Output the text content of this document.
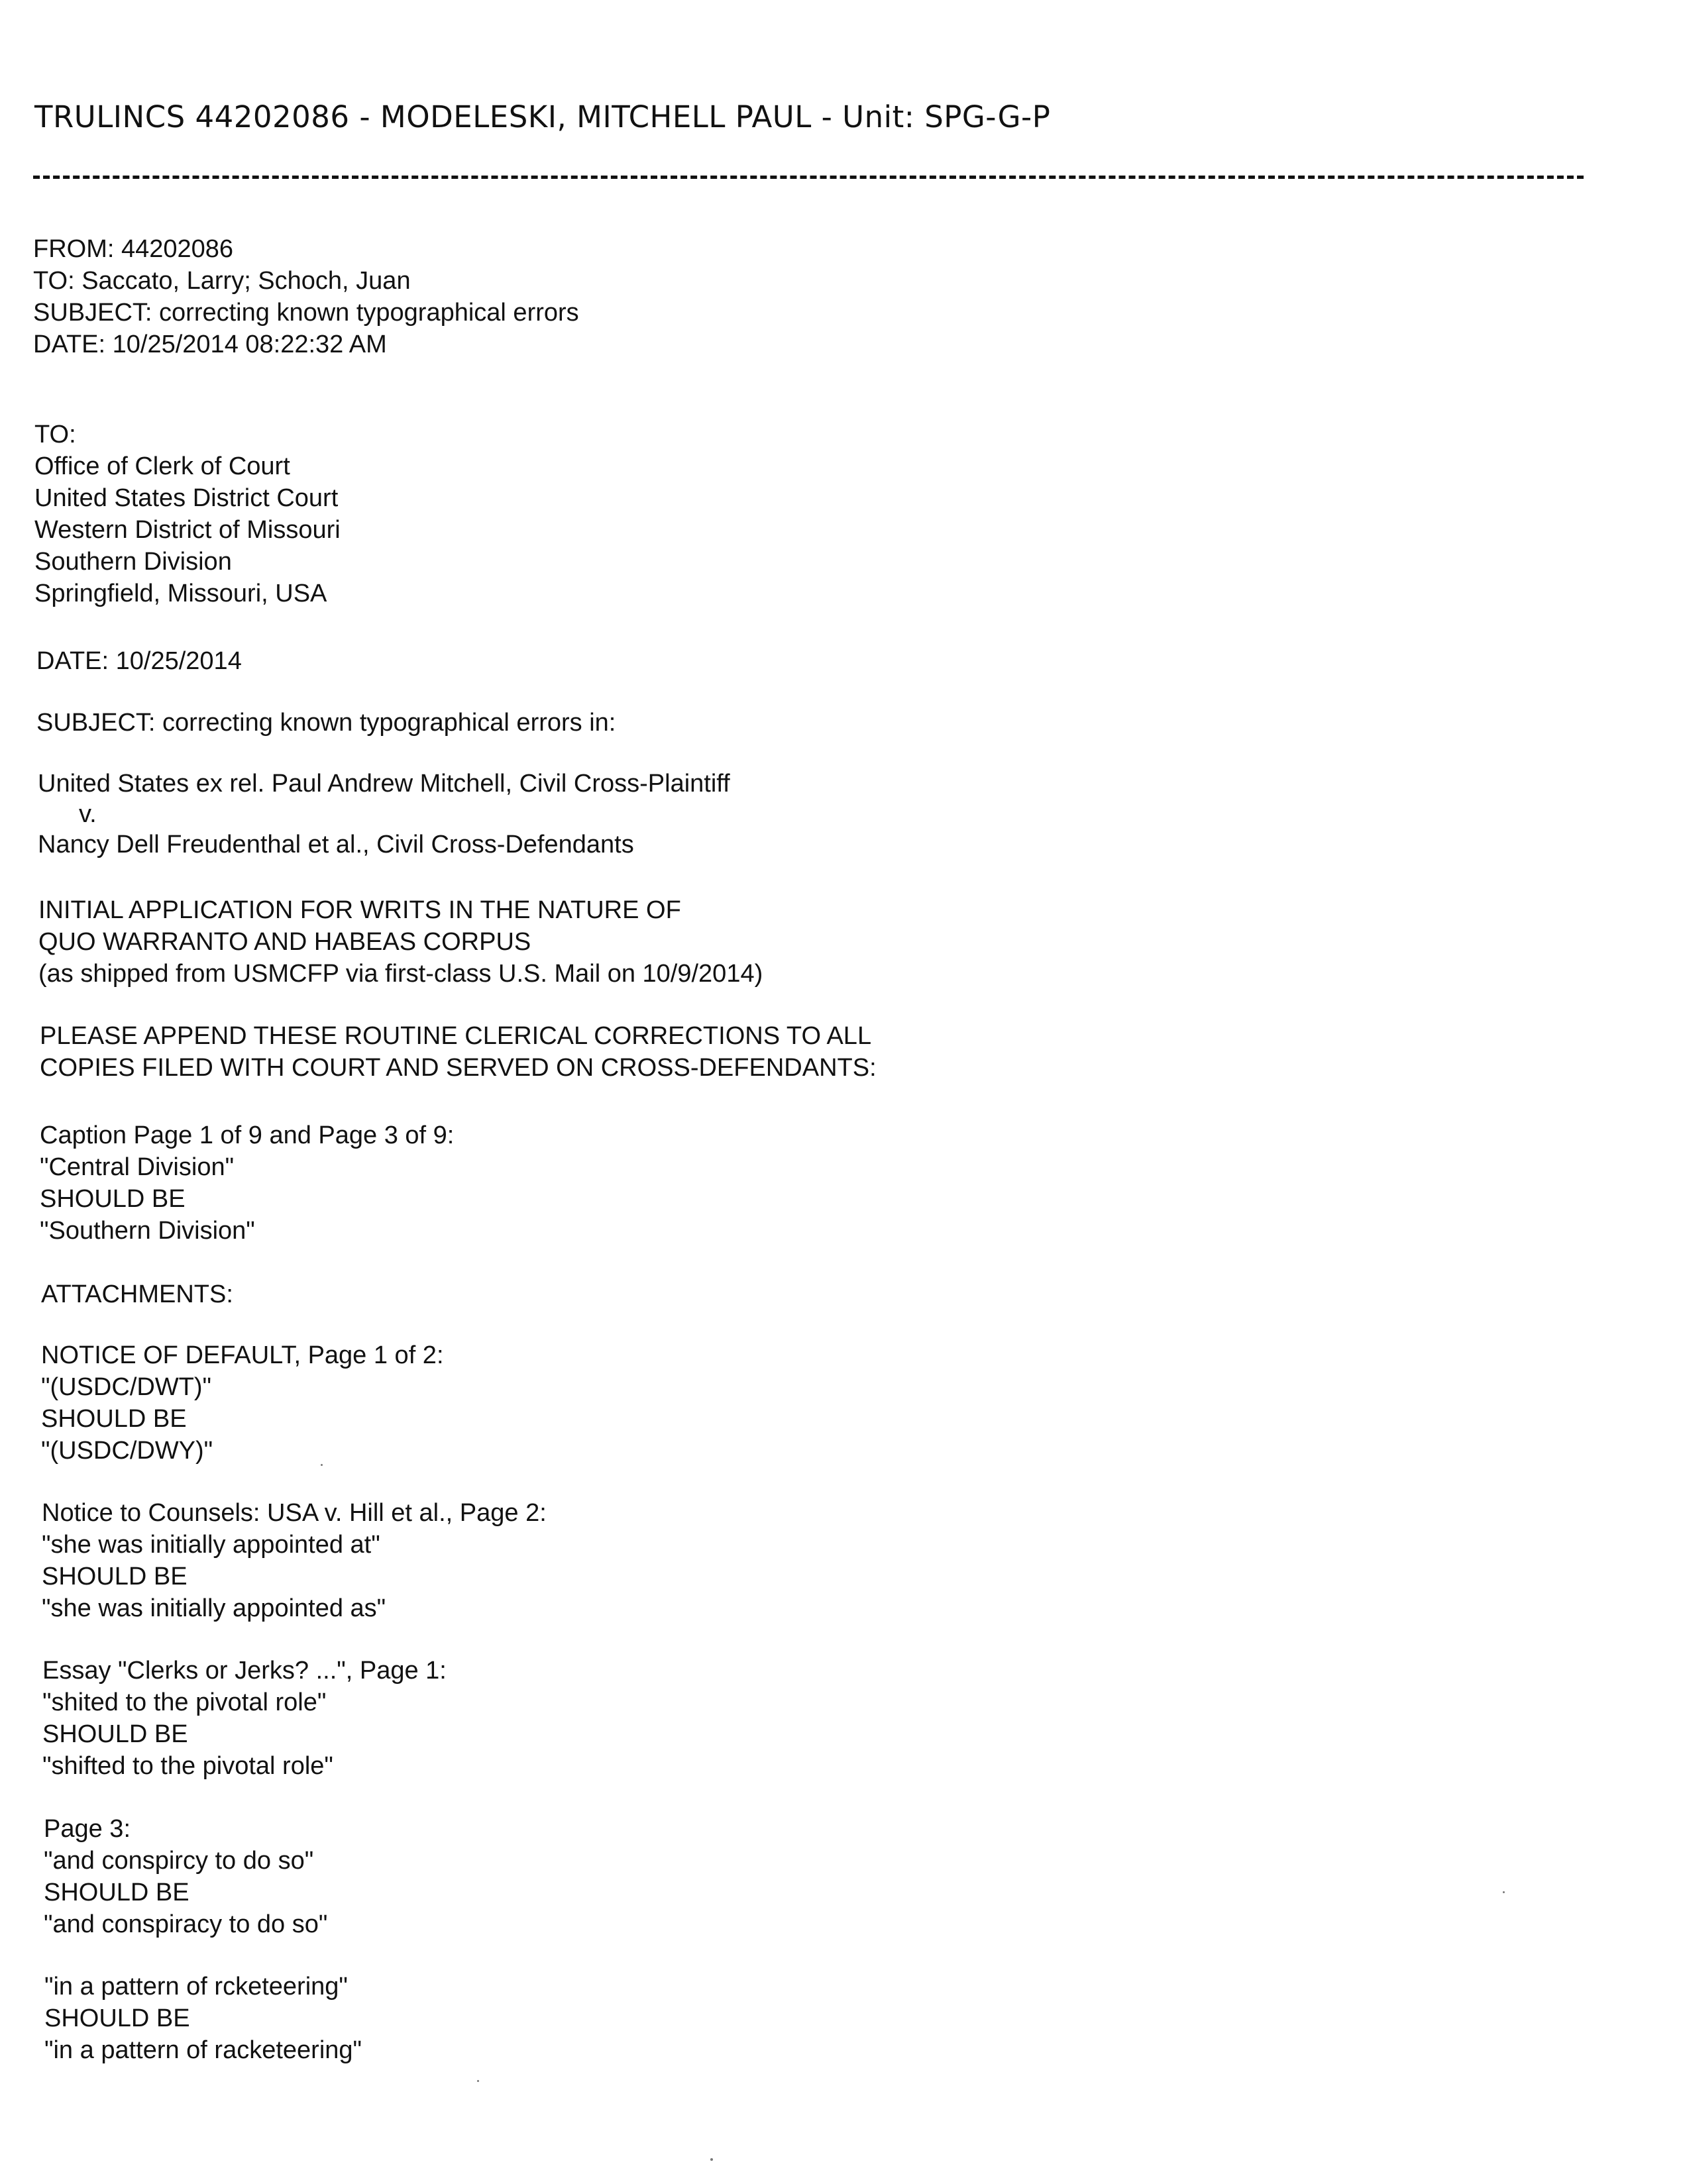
TRULINCS 44202086 - MODELESKI, MITCHELL PAUL - Unit: SPG-G-P
FROM: 44202086
TO: Saccato, Larry; Schoch, Juan
SUBJECT: correcting known typographical errors
DATE: 10/25/2014 08:22:32 AM
TO:
Office of Clerk of Court
United States District Court
Western District of Missouri
Southern Division
Springfield, Missouri, USA
DATE: 10/25/2014
SUBJECT: correcting known typographical errors in:
United States ex rel. Paul Andrew Mitchell, Civil Cross-Plaintiff
v.
Nancy Dell Freudenthal et al., Civil Cross-Defendants
INITIAL APPLICATION FOR WRITS IN THE NATURE OF
QUO WARRANTO AND HABEAS CORPUS
(as shipped from USMCFP via first-class U.S. Mail on 10/9/2014)
PLEASE APPEND THESE ROUTINE CLERICAL CORRECTIONS TO ALL
COPIES FILED WITH COURT AND SERVED ON CROSS-DEFENDANTS:
Caption Page 1 of 9 and Page 3 of 9:
"Central Division"
SHOULD BE
"Southern Division"
ATTACHMENTS:
NOTICE OF DEFAULT, Page 1 of 2:
"(USDC/DWT)"
SHOULD BE
"(USDC/DWY)"
Notice to Counsels: USA v. Hill et al., Page 2:
"she was initially appointed at"
SHOULD BE
"she was initially appointed as"
Essay "Clerks or Jerks? ...", Page 1:
"shited to the pivotal role"
SHOULD BE
"shifted to the pivotal role"
Page 3:
"and conspircy to do so"
SHOULD BE
"and conspiracy to do so"
"in a pattern of rcketeering"
SHOULD BE
"in a pattern of racketeering"
